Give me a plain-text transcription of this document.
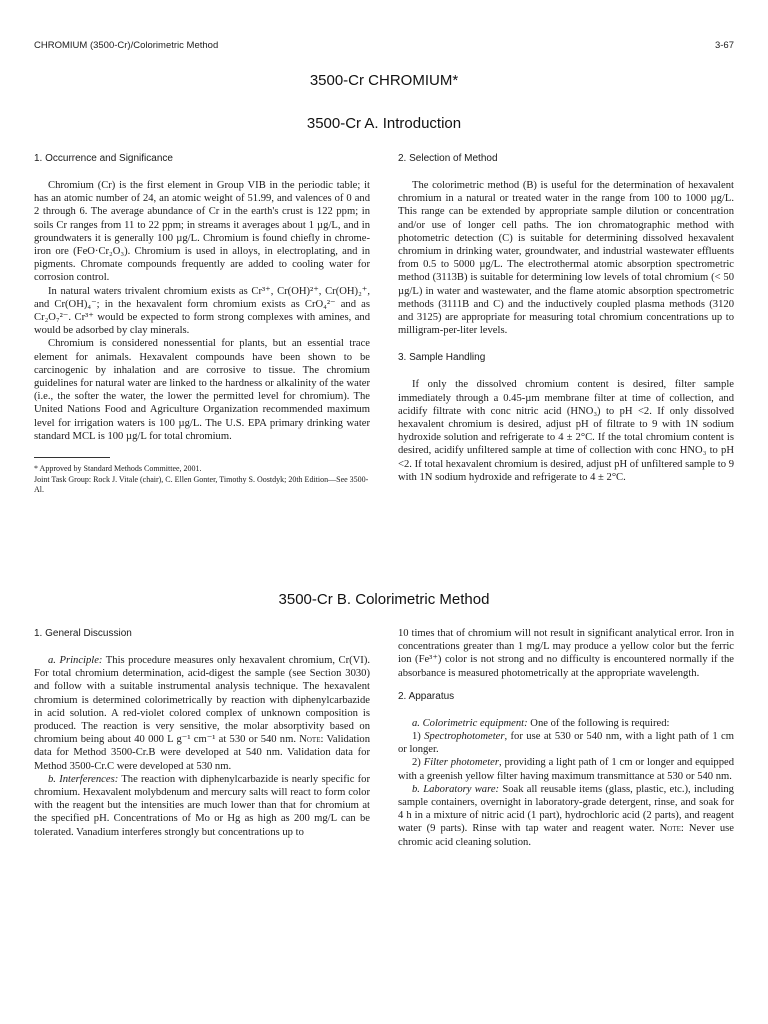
CHROMIUM (3500-Cr)/Colorimetric Method	3-67
3500-Cr CHROMIUM*
3500-Cr A. Introduction
1. Occurrence and Significance

Chromium (Cr) is the first element in Group VIB in the periodic table; it has an atomic number of 24, an atomic weight of 51.99, and valences of 0 and 2 through 6. The average abundance of Cr in the earth's crust is 122 ppm; in soils Cr ranges from 11 to 22 ppm; in streams it averages about 1 µg/L, and in groundwaters it is generally 100 µg/L. Chromium is found chiefly in chrome-iron ore (FeO·Cr₂O₃). Chromium is used in alloys, in electroplating, and in pigments. Chromate compounds frequently are added to cooling water for corrosion control.

In natural waters trivalent chromium exists as Cr³⁺, Cr(OH)²⁺, Cr(OH)₂⁺, and Cr(OH)₄⁻; in the hexavalent form chromium exists as CrO₄²⁻ and as Cr₂O₇²⁻. Cr³⁺ would be expected to form strong complexes with amines, and would be adsorbed by clay minerals.

Chromium is considered nonessential for plants, but an essential trace element for animals. Hexavalent compounds have been shown to be carcinogenic by inhalation and are corrosive to tissue. The chromium guidelines for natural water are linked to the hardness or alkalinity of the water (i.e., the softer the water, the lower the permitted level for chromium). The United Nations Food and Agriculture Organization recommended maximum level for irrigation waters is 100 µg/L. The U.S. EPA primary drinking water standard MCL is 100 µg/L for total chromium.

* Approved by Standard Methods Committee, 2001.
Joint Task Group: Rock J. Vitale (chair), C. Ellen Gonter, Timothy S. Oostdyk; 20th Edition—See 3500-Al.
2. Selection of Method

The colorimetric method (B) is useful for the determination of hexavalent chromium in a natural or treated water in the range from 100 to 1000 µg/L. This range can be extended by appropriate sample dilution or concentration and/or use of longer cell paths. The ion chromatographic method with photometric detection (C) is suitable for determining dissolved hexavalent chromium in drinking water, groundwater, and industrial wastewater effluents from 0.5 to 5000 µg/L. The electrothermal atomic absorption spectrometric method (3113B) is suitable for determining low levels of total chromium (< 50 µg/L) in water and wastewater, and the flame atomic absorption spectrometric methods (3111B and C) and the inductively coupled plasma methods (3120 and 3125) are appropriate for measuring total chromium concentrations up to milligram-per-liter levels.

3. Sample Handling

If only the dissolved chromium content is desired, filter sample immediately through a 0.45-µm membrane filter at time of collection, and acidify filtrate with conc nitric acid (HNO₃) to pH <2. If only dissolved hexavalent chromium is desired, adjust pH of filtrate to 9 with 1N sodium hydroxide solution and refrigerate to 4 ± 2°C. If the total chromium content is desired, acidify unfiltered sample at time of collection with conc HNO₃ to pH <2. If total hexavalent chromium is desired, adjust pH of unfiltered sample to 9 with 1N sodium hydroxide and refrigerate to 4 ± 2°C.

3500-Cr B. Colorimetric Method
1. General Discussion

a. Principle: This procedure measures only hexavalent chromium, Cr(VI). For total chromium determination, acid-digest the sample (see Section 3030) and follow with a suitable instrumental analysis technique. The hexavalent chromium is determined colorimetrically by reaction with diphenylcarbazide in acid solution. A red-violet colored complex of unknown composition is produced. The reaction is very sensitive, the molar absorptivity based on chromium being about 40 000 L g⁻¹ cm⁻¹ at 530 or 540 nm. Note: Validation data for Method 3500-Cr.B were developed at 540 nm. Validation data for Method 3500-Cr.C were developed at 530 nm.

b. Interferences: The reaction with diphenylcarbazide is nearly specific for chromium. Hexavalent molybdenum and mercury salts will react to form color with the reagent but the intensities are much lower than that for chromium at the specified pH. Concentrations of Mo or Hg as high as 200 mg/L can be tolerated. Vanadium interferes strongly but concentrations up to

10 times that of chromium will not result in significant analytical error. Iron in concentrations greater than 1 mg/L may produce a yellow color but the ferric ion (Fe³⁺) color is not strong and no difficulty is encountered normally if the absorbance is measured photometrically at the appropriate wavelength.

2. Apparatus

a. Colorimetric equipment: One of the following is required:

1) Spectrophotometer, for use at 530 or 540 nm, with a light path of 1 cm or longer.

2) Filter photometer, providing a light path of 1 cm or longer and equipped with a greenish yellow filter having maximum transmittance at 530 or 540 nm.

b. Laboratory ware: Soak all reusable items (glass, plastic, etc.), including sample containers, overnight in laboratory-grade detergent, rinse, and soak for 4 h in a mixture of nitric acid (1 part), hydrochloric acid (2 parts), and reagent water (9 parts). Rinse with tap water and reagent water. Note: Never use chromic acid cleaning solution.
